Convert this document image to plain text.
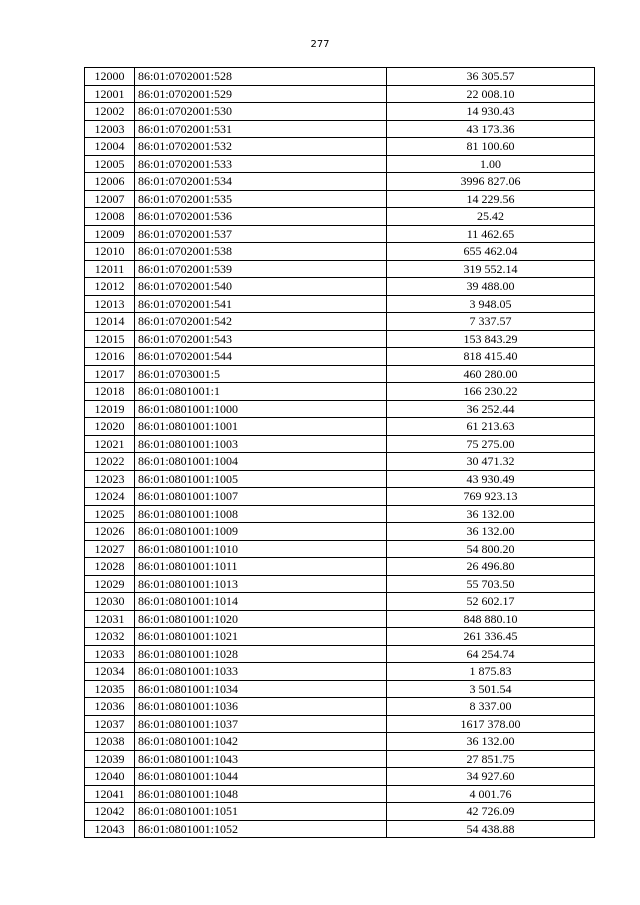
277
12000	86:01:0702001:528	36 305.57
12001	86:01:0702001:529	22 008.10
12002	86:01:0702001:530	14 930.43
12003	86:01:0702001:531	43 173.36
12004	86:01:0702001:532	81 100.60
12005	86:01:0702001:533	1.00
12006	86:01:0702001:534	3996 827.06
12007	86:01:0702001:535	14 229.56
12008	86:01:0702001:536	25.42
12009	86:01:0702001:537	11 462.65
12010	86:01:0702001:538	655 462.04
12011	86:01:0702001:539	319 552.14
12012	86:01:0702001:540	39 488.00
12013	86:01:0702001:541	3 948.05
12014	86:01:0702001:542	7 337.57
12015	86:01:0702001:543	153 843.29
12016	86:01:0702001:544	818 415.40
12017	86:01:0703001:5	460 280.00
12018	86:01:0801001:1	166 230.22
12019	86:01:0801001:1000	36 252.44
12020	86:01:0801001:1001	61 213.63
12021	86:01:0801001:1003	75 275.00
12022	86:01:0801001:1004	30 471.32
12023	86:01:0801001:1005	43 930.49
12024	86:01:0801001:1007	769 923.13
12025	86:01:0801001:1008	36 132.00
12026	86:01:0801001:1009	36 132.00
12027	86:01:0801001:1010	54 800.20
12028	86:01:0801001:1011	26 496.80
12029	86:01:0801001:1013	55 703.50
12030	86:01:0801001:1014	52 602.17
12031	86:01:0801001:1020	848 880.10
12032	86:01:0801001:1021	261 336.45
12033	86:01:0801001:1028	64 254.74
12034	86:01:0801001:1033	1 875.83
12035	86:01:0801001:1034	3 501.54
12036	86:01:0801001:1036	8 337.00
12037	86:01:0801001:1037	1617 378.00
12038	86:01:0801001:1042	36 132.00
12039	86:01:0801001:1043	27 851.75
12040	86:01:0801001:1044	34 927.60
12041	86:01:0801001:1048	4 001.76
12042	86:01:0801001:1051	42 726.09
12043	86:01:0801001:1052	54 438.88
